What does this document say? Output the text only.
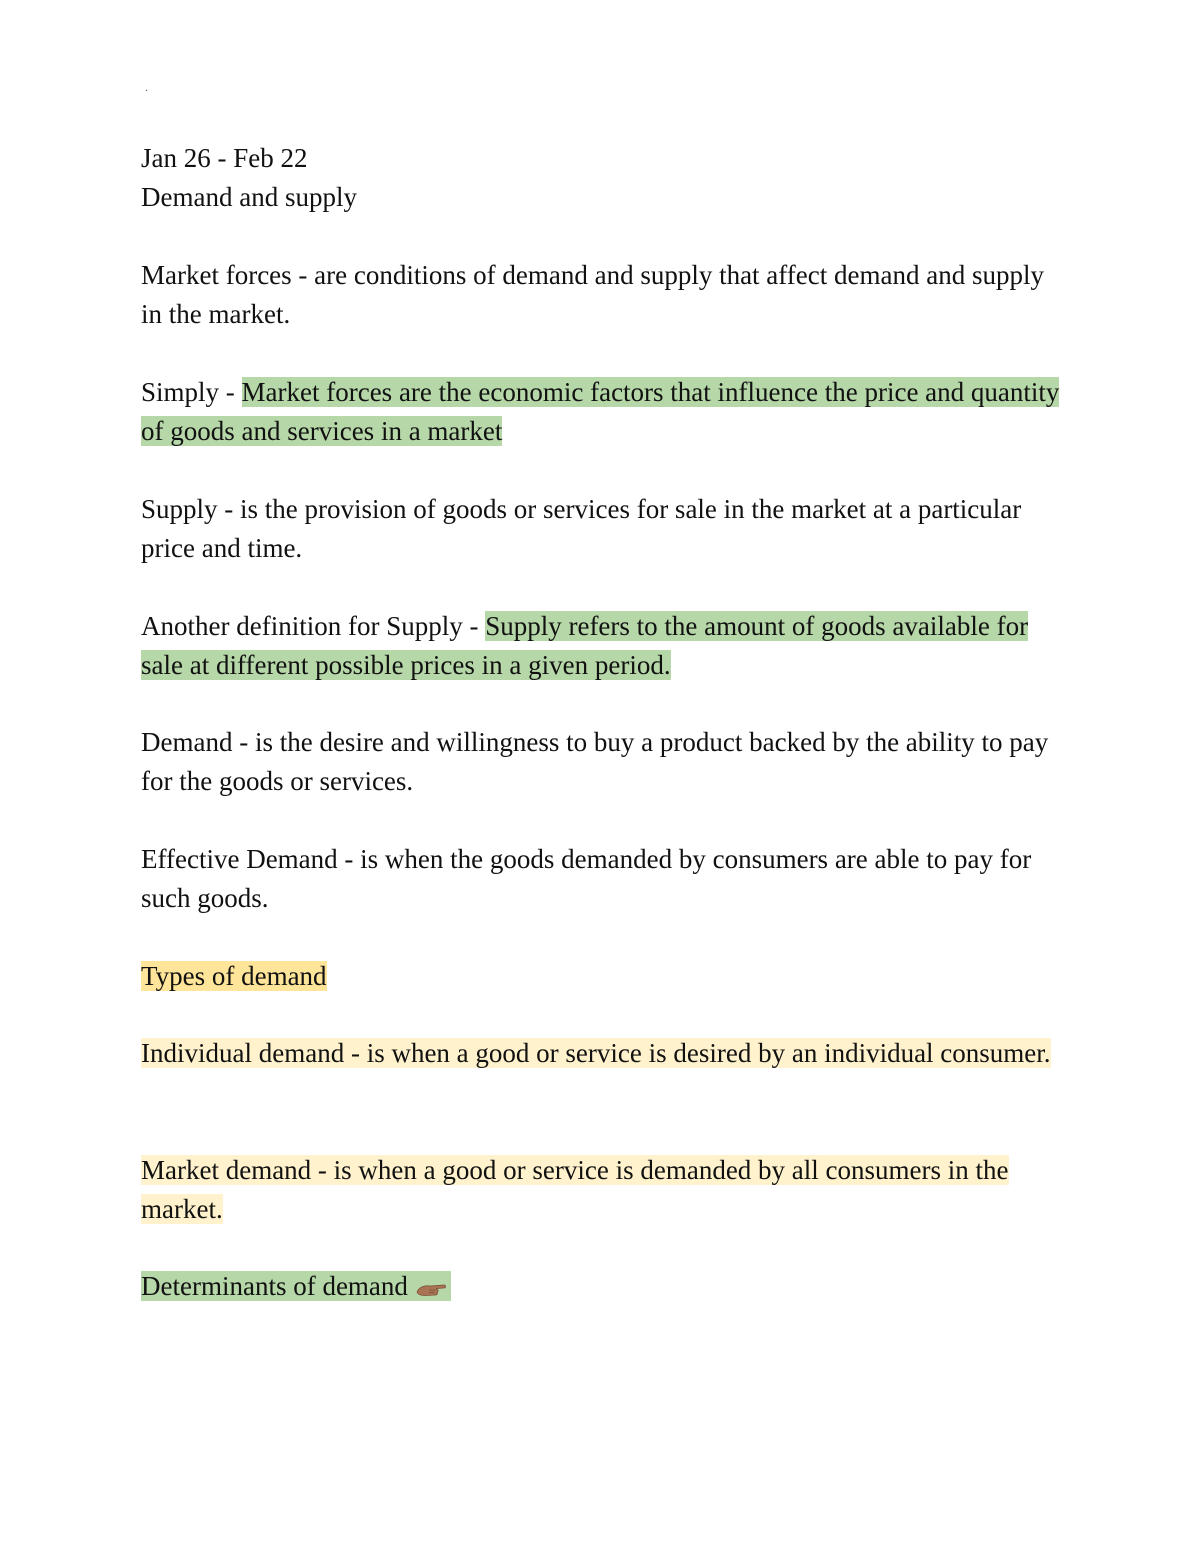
.
Jan 26 - Feb 22
Demand and supply
Market forces - are conditions of demand and supply that affect demand and supply in the market.
Simply - Market forces are the economic factors that influence the price and quantity of goods and services in a market
Supply - is the provision of goods or services for sale in the market at a particular price and time.
Another definition for Supply - Supply refers to the amount of goods available for sale at different possible prices in a given period.
Demand - is the desire and willingness to buy a product backed by the ability to pay for the goods or services.
Effective Demand - is when the goods demanded by consumers are able to pay for such goods.
Types of demand
Individual demand - is when a good or service is desired by an individual consumer.
Market demand - is when a good or service is demanded by all consumers in the market.
Determinants of demand
